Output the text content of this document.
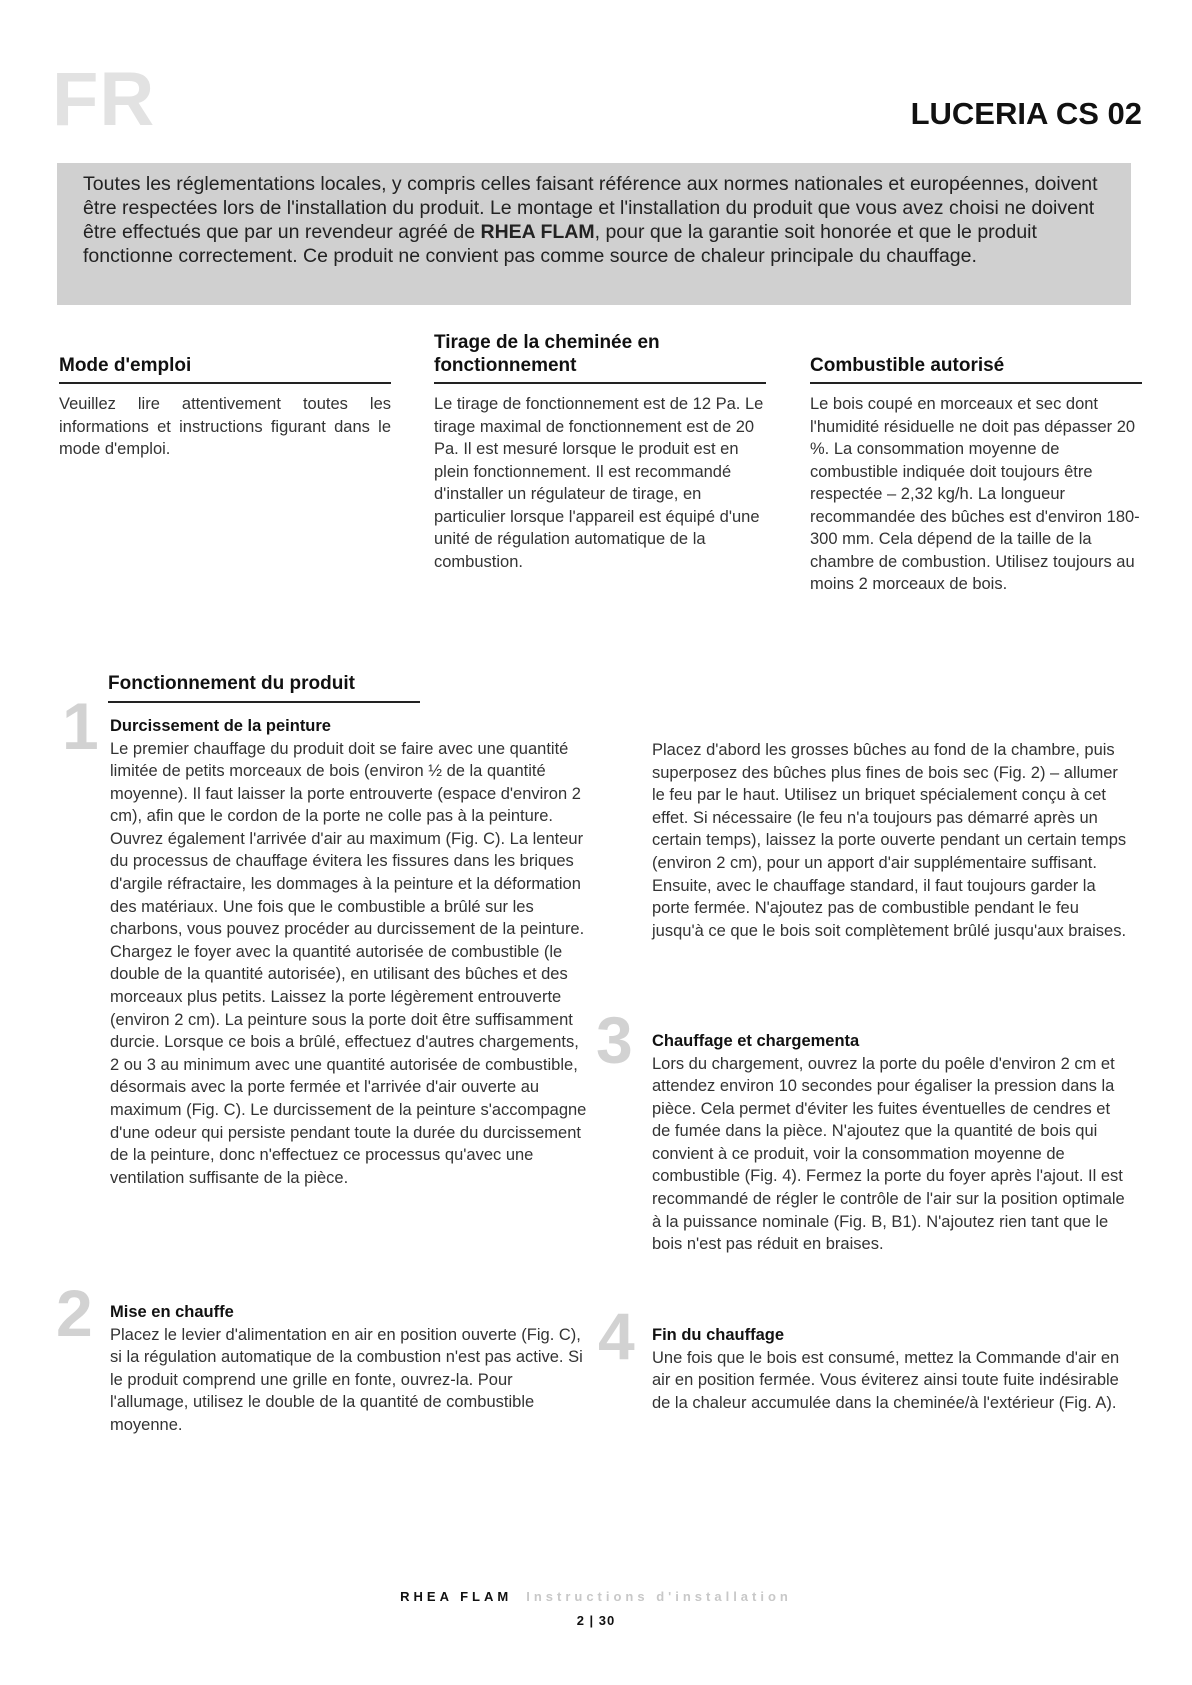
FR	LUCERIA CS 02
Toutes les réglementations locales, y compris celles faisant référence aux normes nationales et européennes, doivent être respectées lors de l'installation du produit. Le montage et l'installation du produit que vous avez choisi ne doivent être effectués que par un revendeur agréé de RHEA FLAM, pour que la garantie soit honorée et que le produit fonctionne correctement. Ce produit ne convient pas comme source de chaleur principale du chauffage.
Mode d'emploi

Veuillez lire attentivement toutes les informations et instructions figurant dans le mode d'emploi.

Tirage de la cheminée en fonctionnement

Le tirage de fonctionnement est de 12 Pa. Le tirage maximal de fonctionnement est de 20 Pa. Il est mesuré lorsque le produit est en plein fonctionnement. Il est recommandé d'installer un régulateur de tirage, en particulier lorsque l'appareil est équipé d'une unité de régulation automatique de la combustion.

Combustible autorisé

Le bois coupé en morceaux et sec dont l'humidité résiduelle ne doit pas dépasser 20 %. La consommation moyenne de combustible indiquée doit toujours être respectée – 2,32 kg/h. La longueur recommandée des bûches est d'environ 180-300 mm. Cela dépend de la taille de la chambre de combustion. Utilisez toujours au moins 2 morceaux de bois.

Fonctionnement du produit
1 Durcissement de la peinture

Le premier chauffage du produit doit se faire avec une quantité limitée de petits morceaux de bois (environ ½ de la quantité moyenne). Il faut laisser la porte entrouverte (espace d'environ 2 cm), afin que le cordon de la porte ne colle pas à la peinture. Ouvrez également l'arrivée d'air au maximum (Fig. C). La lenteur du processus de chauffage évitera les fissures dans les briques d'argile réfractaire, les dommages à la peinture et la déformation des matériaux. Une fois que le combustible a brûlé sur les charbons, vous pouvez procéder au durcissement de la peinture. Chargez le foyer avec la quantité autorisée de combustible (le double de la quantité autorisée), en utilisant des bûches et des morceaux plus petits. Laissez la porte légèrement entrouverte (environ 2 cm). La peinture sous la porte doit être suffisamment durcie. Lorsque ce bois a brûlé, effectuez d'autres chargements, 2 ou 3 au minimum avec une quantité autorisée de combustible, désormais avec la porte fermée et l'arrivée d'air ouverte au maximum (Fig. C). Le durcissement de la peinture s'accompagne d'une odeur qui persiste pendant toute la durée du durcissement de la peinture, donc n'effectuez ce processus qu'avec une ventilation suffisante de la pièce.

2 Mise en chauffe

Placez le levier d'alimentation en air en position ouverte (Fig. C), si la régulation automatique de la combustion n'est pas active. Si le produit comprend une grille en fonte, ouvrez-la. Pour l'allumage, utilisez le double de la quantité de combustible moyenne.

Placez d'abord les grosses bûches au fond de la chambre, puis superposez des bûches plus fines de bois sec (Fig. 2) – allumer le feu par le haut. Utilisez un briquet spécialement conçu à cet effet. Si nécessaire (le feu n'a toujours pas démarré après un certain temps), laissez la porte ouverte pendant un certain temps (environ 2 cm), pour un apport d'air supplémentaire suffisant. Ensuite, avec le chauffage standard, il faut toujours garder la porte fermée. N'ajoutez pas de combustible pendant le feu jusqu'à ce que le bois soit complètement brûlé jusqu'aux braises.

3 Chauffage et chargementa

Lors du chargement, ouvrez la porte du poêle d'environ 2 cm et attendez environ 10 secondes pour égaliser la pression dans la pièce. Cela permet d'éviter les fuites éventuelles de cendres et de fumée dans la pièce. N'ajoutez que la quantité de bois qui convient à ce produit, voir la consommation moyenne de combustible (Fig. 4). Fermez la porte du foyer après l'ajout. Il est recommandé de régler le contrôle de l'air sur la position optimale à la puissance nominale (Fig. B, B1). N'ajoutez rien tant que le bois n'est pas réduit en braises.

4 Fin du chauffage

Une fois que le bois est consumé, mettez la Commande d'air en air en position fermée. Vous éviterez ainsi toute fuite indésirable de la chaleur accumulée dans la cheminée/à l'extérieur (Fig. A).

RHEA FLAM Instructions d'installation
2 | 30
